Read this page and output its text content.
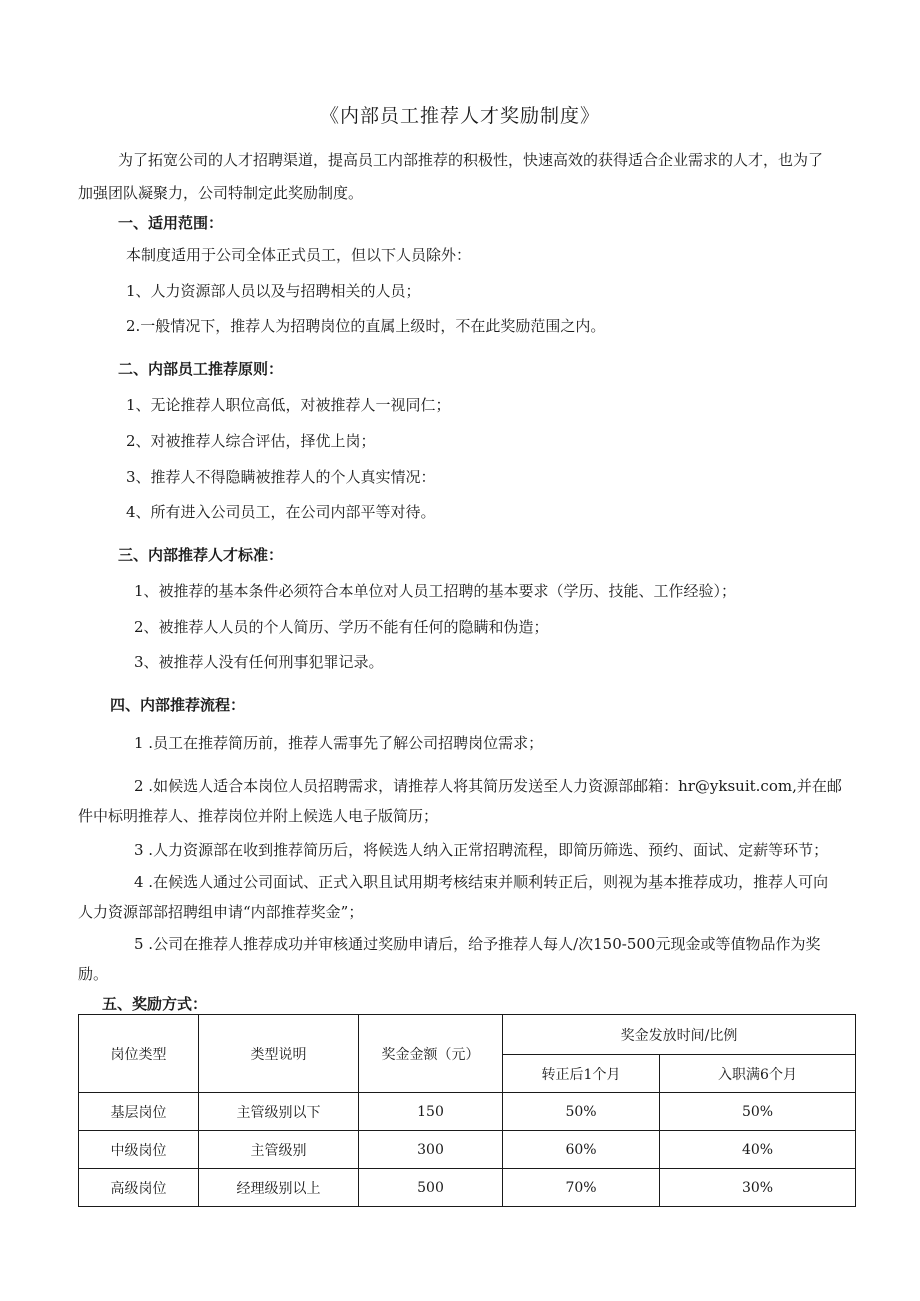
《内部员工推荐人才奖励制度》
为了拓宽公司的人才招聘渠道，提高员工内部推荐的积极性，快速高效的获得适合企业需求的人才，也为了
加强团队凝聚力，公司特制定此奖励制度。
一、适用范围：
本制度适用于公司全体正式员工，但以下人员除外：
1、人力资源部人员以及与招聘相关的人员；
2.一般情况下，推荐人为招聘岗位的直属上级时，不在此奖励范围之内。
二、内部员工推荐原则：
1、无论推荐人职位高低，对被推荐人一视同仁；
2、对被推荐人综合评估，择优上岗；
3、推荐人不得隐瞒被推荐人的个人真实情况：
4、所有进入公司员工，在公司内部平等对待。
三、内部推荐人才标准：
1、被推荐的基本条件必须符合本单位对人员工招聘的基本要求（学历、技能、工作经验）；
2、被推荐人人员的个人简历、学历不能有任何的隐瞒和伪造；
3、被推荐人没有任何刑事犯罪记录。
四、内部推荐流程：
1 .员工在推荐简历前，推荐人需事先了解公司招聘岗位需求；
2 .如候选人适合本岗位人员招聘需求，请推荐人将其简历发送至人力资源部邮箱：hr@yksuit.com,并在邮
件中标明推荐人、推荐岗位并附上候选人电子版简历；
3 .人力资源部在收到推荐简历后，将候选人纳入正常招聘流程，即简历筛选、预约、面试、定薪等环节；
4 .在候选人通过公司面试、正式入职且试用期考核结束并顺利转正后，则视为基本推荐成功，推荐人可向
人力资源部部招聘组申请“内部推荐奖金”；
5 .公司在推荐人推荐成功并审核通过奖励申请后，给予推荐人每人/次150-500元现金或等值物品作为奖
励。
五、奖励方式：
岗位类型	类型说明	奖金金额（元）	奖金发放时间/比例	
			转正后1个月	入职满6个月
基层岗位	主管级别以下	150	50%	50%
中级岗位	主管级别	300	60%	40%
高级岗位	经理级别以上	500	70%	30%
